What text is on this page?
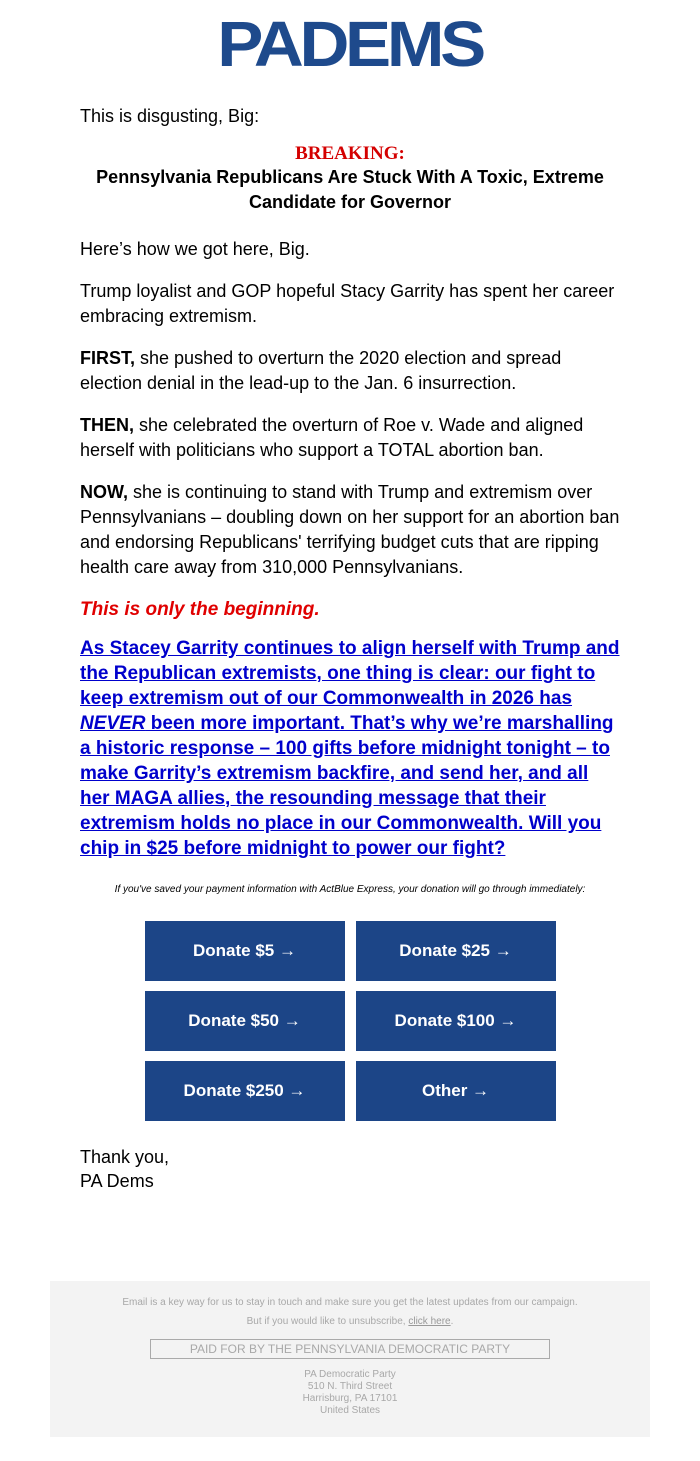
PADEMS

This is disgusting, Big:

BREAKING:
Pennsylvania Republicans Are Stuck With A Toxic, Extreme Candidate for Governor

Here’s how we got here, Big.

Trump loyalist and GOP hopeful Stacy Garrity has spent her career embracing extremism.

FIRST, she pushed to overturn the 2020 election and spread election denial in the lead-up to the Jan. 6 insurrection.

THEN, she celebrated the overturn of Roe v. Wade and aligned herself with politicians who support a TOTAL abortion ban.

NOW, she is continuing to stand with Trump and extremism over Pennsylvanians – doubling down on her support for an abortion ban and endorsing Republicans' terrifying budget cuts that are ripping health care away from 310,000 Pennsylvanians.

This is only the beginning.

As Stacey Garrity continues to align herself with Trump and the Republican extremists, one thing is clear: our fight to keep extremism out of our Commonwealth in 2026 has NEVER been more important. That’s why we’re marshalling a historic response – 100 gifts before midnight tonight – to make Garrity’s extremism backfire, and send her, and all her MAGA allies, the resounding message that their extremism holds no place in our Commonwealth. Will you chip in $25 before midnight to power our fight?
If you've saved your payment information with ActBlue Express, your donation will go through immediately:
Donate $5 →	Donate $25 →
Donate $50 →	Donate $100 →
Donate $250 →	Other →

Thank you,
PA Dems

Email is a key way for us to stay in touch and make sure you get the latest updates from our campaign.
But if you would like to unsubscribe, click here.
PAID FOR BY THE PENNSYLVANIA DEMOCRATIC PARTY
PA Democratic Party
510 N. Third Street
Harrisburg, PA 17101
United States
